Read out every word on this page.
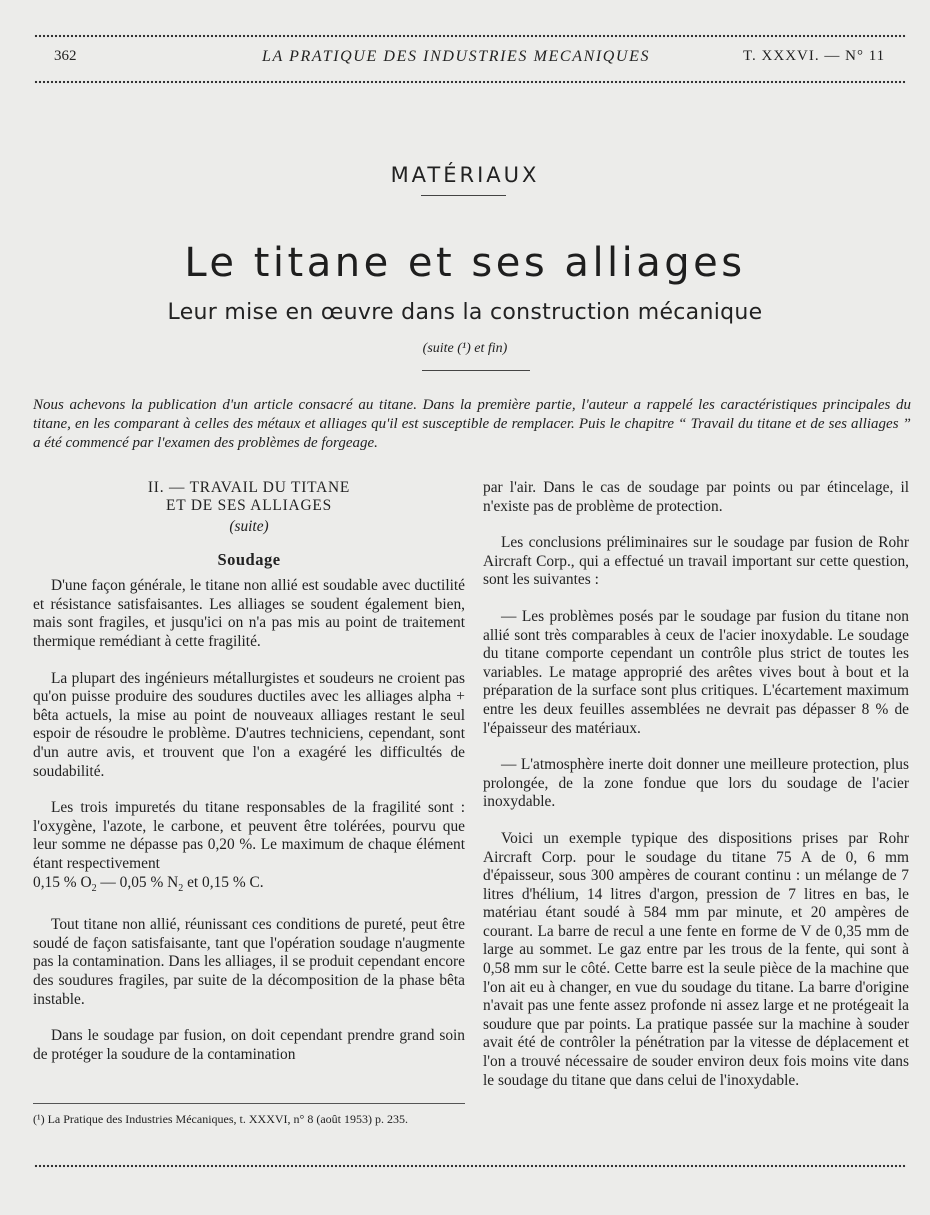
362	LA PRATIQUE DES INDUSTRIES MECANIQUES	T. XXXVI. — N° 11
MATÉRIAUX
Le titane et ses alliages
Leur mise en œuvre dans la construction mécanique
(suite (¹) et fin)

Nous achevons la publication d'un article consacré au titane. Dans la première partie, l'auteur a rappelé les caractéristiques principales du titane, en les comparant à celles des métaux et alliages qu'il est susceptible de remplacer. Puis le chapitre “ Travail du titane et de ses alliages ” a été commencé par l'examen des problèmes de forgeage.

II. — TRAVAIL DU TITANE
ET DE SES ALLIAGES
(suite)
Soudage

D'une façon générale, le titane non allié est soudable avec ductilité et résistance satisfaisantes. Les alliages se soudent également bien, mais sont fragiles, et jusqu'ici on n'a pas mis au point de traitement thermique remédiant à cette fragilité.

La plupart des ingénieurs métallurgistes et soudeurs ne croient pas qu'on puisse produire des soudures ductiles avec les alliages alpha + bêta actuels, la mise au point de nouveaux alliages restant le seul espoir de résoudre le problème. D'autres techniciens, cependant, sont d'un autre avis, et trouvent que l'on a exagéré les difficultés de soudabilité.

Les trois impuretés du titane responsables de la fragilité sont : l'oxygène, l'azote, le carbone, et peuvent être tolérées, pourvu que leur somme ne dépasse pas 0,20 %. Le maximum de chaque élément étant respectivement
0,15 % $O_2$ — 0,05 % $N_2$ et 0,15 % C.

Tout titane non allié, réunissant ces conditions de pureté, peut être soudé de façon satisfaisante, tant que l'opération soudage n'augmente pas la contamination. Dans les alliages, il se produit cependant encore des soudures fragiles, par suite de la décomposition de la phase bêta instable.

Dans le soudage par fusion, on doit cependant prendre grand soin de protéger la soudure de la contamination

(¹) La Pratique des Industries Mécaniques, t. XXXVI, n° 8 (août 1953) p. 235.

par l'air. Dans le cas de soudage par points ou par étincelage, il n'existe pas de problème de protection.

Les conclusions préliminaires sur le soudage par fusion de Rohr Aircraft Corp., qui a effectué un travail important sur cette question, sont les suivantes :

— Les problèmes posés par le soudage par fusion du titane non allié sont très comparables à ceux de l'acier inoxydable. Le soudage du titane comporte cependant un contrôle plus strict de toutes les variables. Le matage approprié des arêtes vives bout à bout et la préparation de la surface sont plus critiques. L'écartement maximum entre les deux feuilles assemblées ne devrait pas dépasser 8 % de l'épaisseur des matériaux.

— L'atmosphère inerte doit donner une meilleure protection, plus prolongée, de la zone fondue que lors du soudage de l'acier inoxydable.

Voici un exemple typique des dispositions prises par Rohr Aircraft Corp. pour le soudage du titane 75 A de 0, 6 mm d'épaisseur, sous 300 ampères de courant continu : un mélange de 7 litres d'hélium, 14 litres d'argon, pression de 7 litres en bas, le matériau étant soudé à 584 mm par minute, et 20 ampères de courant. La barre de recul a une fente en forme de V de 0,35 mm de large au sommet. Le gaz entre par les trous de la fente, qui sont à 0,58 mm sur le côté. Cette barre est la seule pièce de la machine que l'on ait eu à changer, en vue du soudage du titane. La barre d'origine n'avait pas une fente assez profonde ni assez large et ne protégeait la soudure que par points. La pratique passée sur la machine à souder avait été de contrôler la pénétration par la vitesse de déplacement et l'on a trouvé nécessaire de souder environ deux fois moins vite dans le soudage du titane que dans celui de l'inoxydable.
